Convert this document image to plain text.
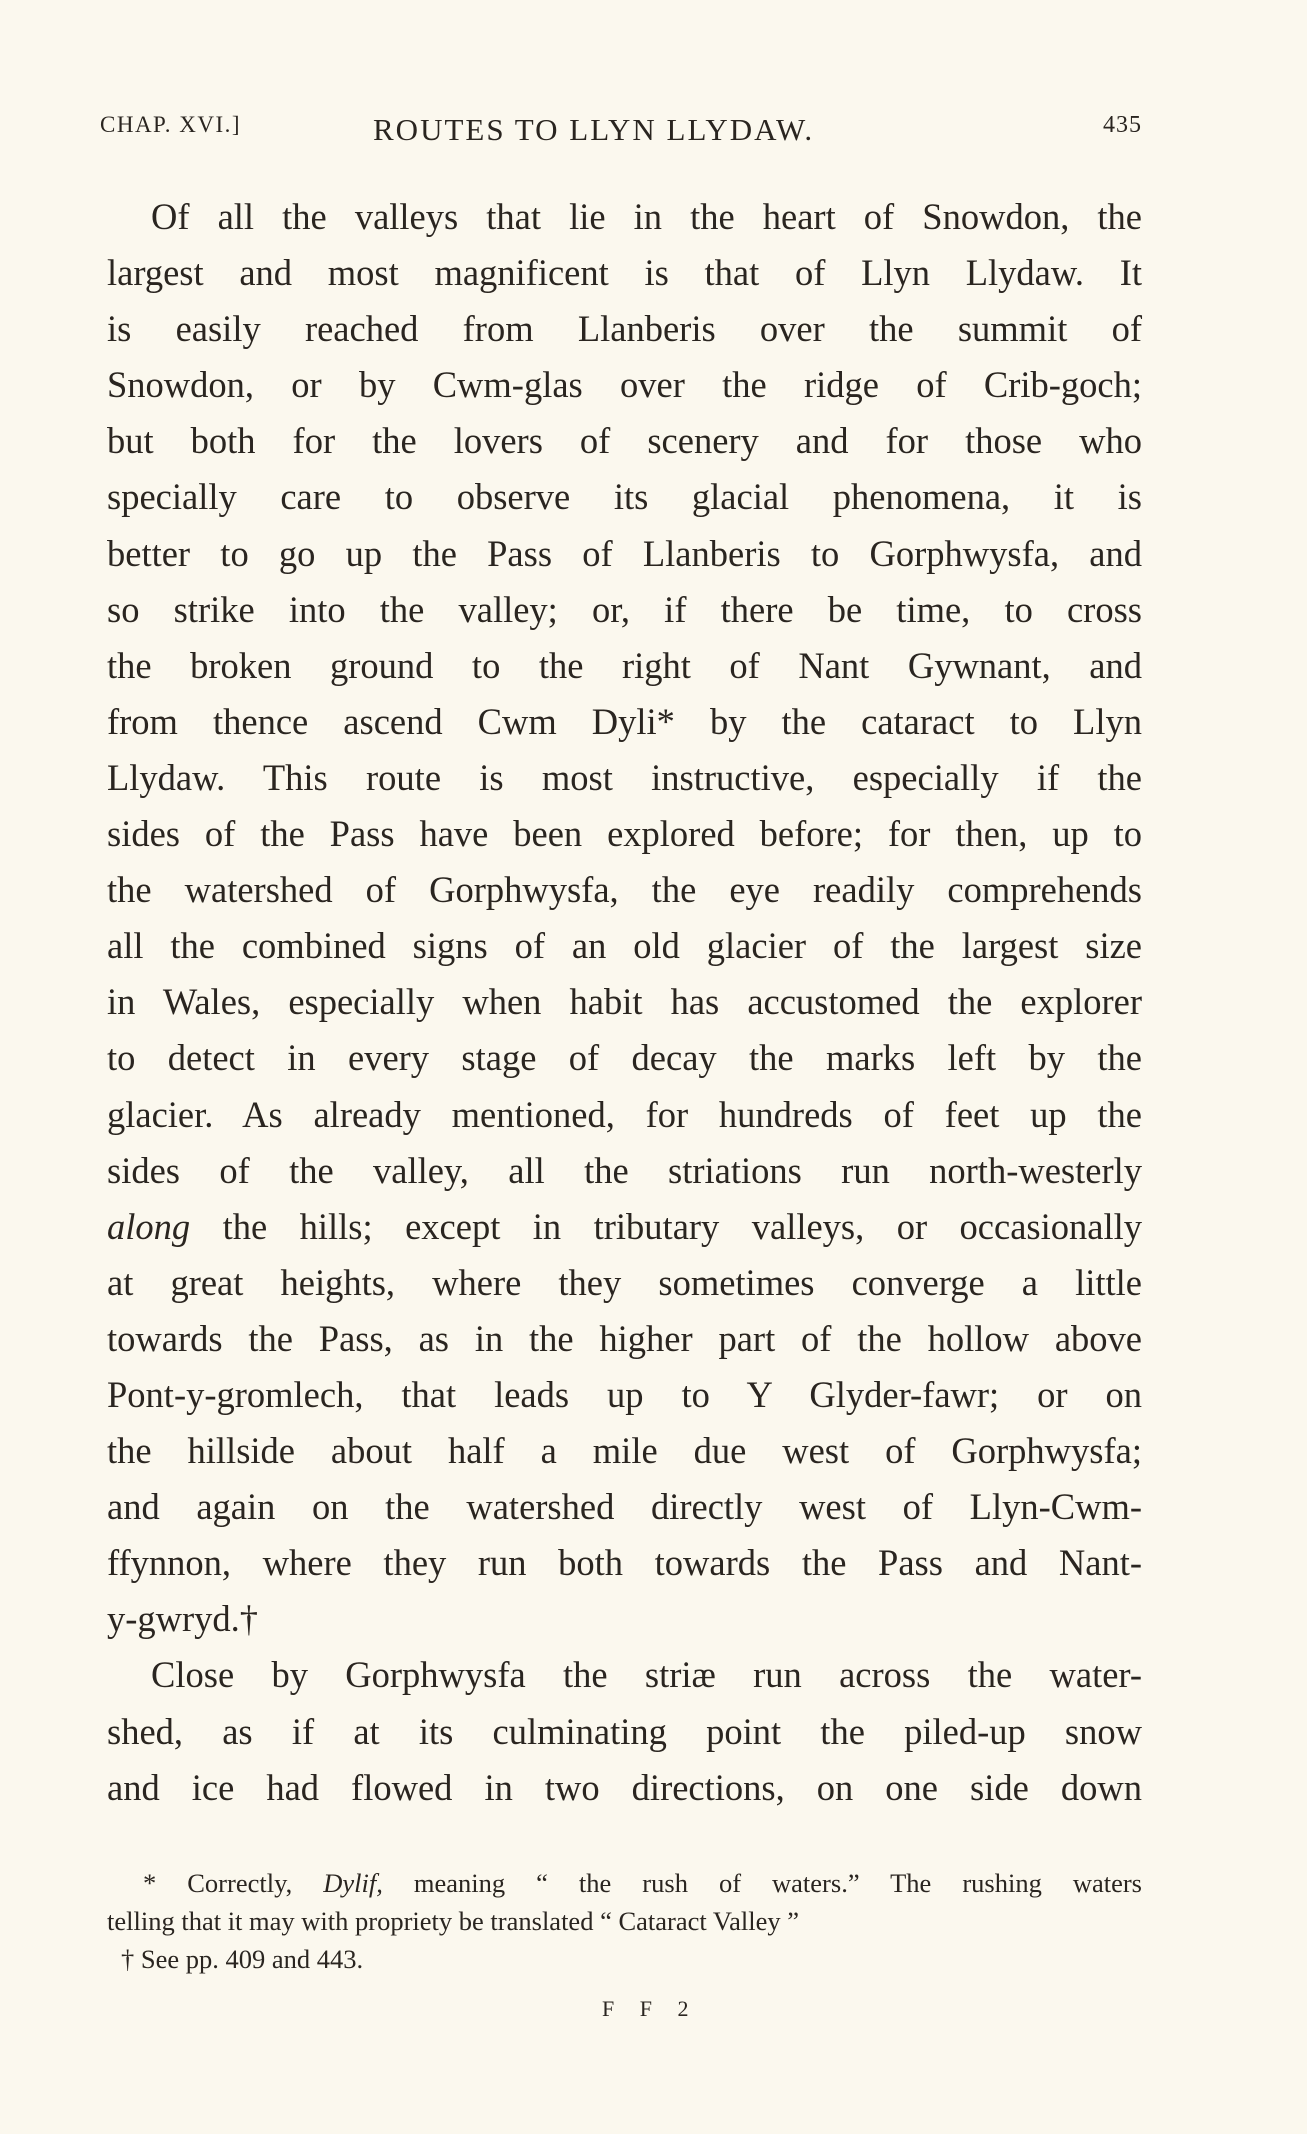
CHAP. XVI.]	ROUTES TO LLYN LLYDAW.	435
Of all the valleys that lie in the heart of Snowdon, the
largest and most magnificent is that of Llyn Llydaw. It
is easily reached from Llanberis over the summit of
Snowdon, or by Cwm-glas over the ridge of Crib-goch;
but both for the lovers of scenery and for those who
specially care to observe its glacial phenomena, it is
better to go up the Pass of Llanberis to Gorphwysfa, and
so strike into the valley; or, if there be time, to cross
the broken ground to the right of Nant Gywnant, and
from thence ascend Cwm Dyli* by the cataract to Llyn
Llydaw. This route is most instructive, especially if the
sides of the Pass have been explored before; for then, up to
the watershed of Gorphwysfa, the eye readily comprehends
all the combined signs of an old glacier of the largest size
in Wales, especially when habit has accustomed the explorer
to detect in every stage of decay the marks left by the
glacier. As already mentioned, for hundreds of feet up the
sides of the valley, all the striations run north-westerly
along the hills; except in tributary valleys, or occasionally
at great heights, where they sometimes converge a little
towards the Pass, as in the higher part of the hollow above
Pont-y-gromlech, that leads up to Y Glyder-fawr; or on
the hillside about half a mile due west of Gorphwysfa;
and again on the watershed directly west of Llyn-Cwm-
ffynnon, where they run both towards the Pass and Nant-
y-gwryd.†
Close by Gorphwysfa the striæ run across the water-
shed, as if at its culminating point the piled-up snow
and ice had flowed in two directions, on one side down
* Correctly, Dylif, meaning “ the rush of waters.” The rushing waters
telling that it may with propriety be translated “ Cataract Valley ”
† See pp. 409 and 443.
F F 2
